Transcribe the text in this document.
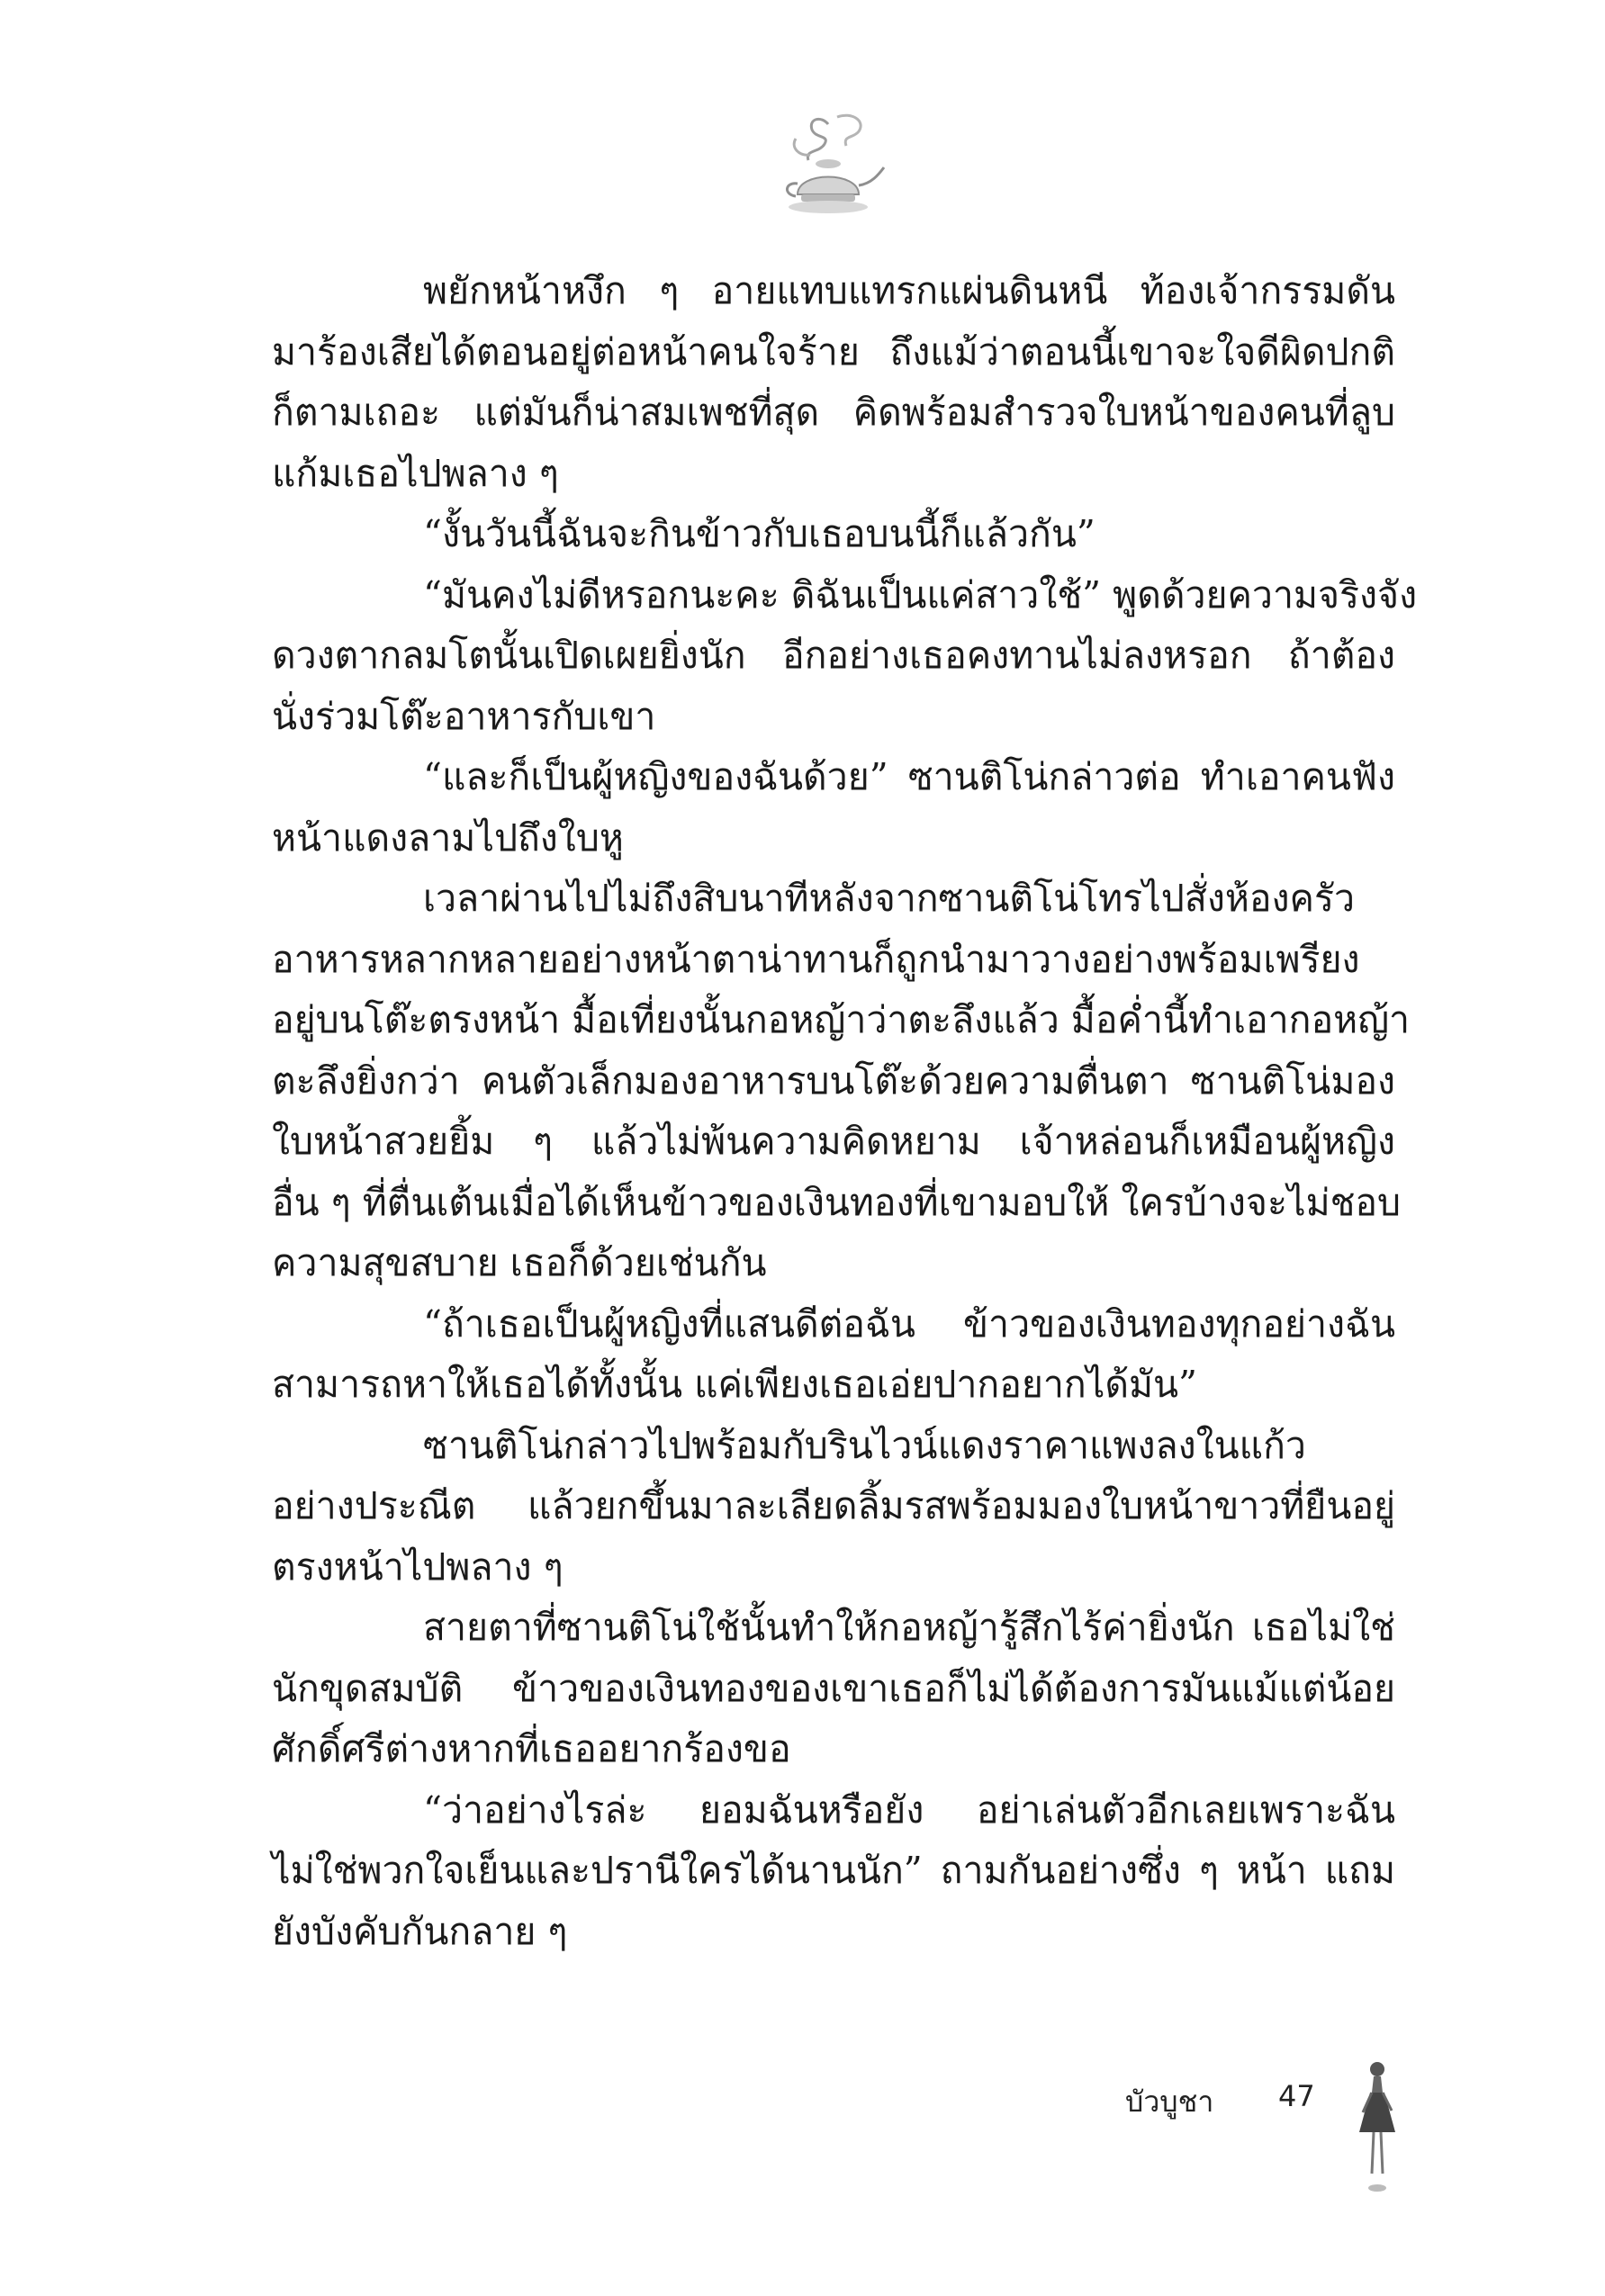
พยักหน้าหงึก ๆ อายแทบแทรกแผ่นดินหนี ท้องเจ้ากรรมดัน
มาร้องเสียได้ตอนอยู่ต่อหน้าคนใจร้าย ถึงแม้ว่าตอนนี้เขาจะใจดีผิดปกติ
ก็ตามเถอะ แต่มันก็น่าสมเพชที่สุด คิดพร้อมสำรวจใบหน้าของคนที่ลูบ
แก้มเธอไปพลาง ๆ

“งั้นวันนี้ฉันจะกินข้าวกับเธอบนนี้ก็แล้วกัน”

“มันคงไม่ดีหรอกนะคะ ดิฉันเป็นแค่สาวใช้” พูดด้วยความจริงจัง
ดวงตากลมโตนั้นเปิดเผยยิ่งนัก อีกอย่างเธอคงทานไม่ลงหรอก ถ้าต้อง
นั่งร่วมโต๊ะอาหารกับเขา

“และก็เป็นผู้หญิงของฉันด้วย” ซานติโน่กล่าวต่อ ทำเอาคนฟัง
หน้าแดงลามไปถึงใบหู

เวลาผ่านไปไม่ถึงสิบนาทีหลังจากซานติโน่โทรไปสั่งห้องครัว
อาหารหลากหลายอย่างหน้าตาน่าทานก็ถูกนำมาวางอย่างพร้อมเพรียง
อยู่บนโต๊ะตรงหน้า มื้อเที่ยงนั้นกอหญ้าว่าตะลึงแล้ว มื้อค่ำนี้ทำเอากอหญ้า
ตะลึงยิ่งกว่า คนตัวเล็กมองอาหารบนโต๊ะด้วยความตื่นตา ซานติโน่มอง
ใบหน้าสวยยิ้ม ๆ แล้วไม่พ้นความคิดหยาม เจ้าหล่อนก็เหมือนผู้หญิง
อื่น ๆ ที่ตื่นเต้นเมื่อได้เห็นข้าวของเงินทองที่เขามอบให้ ใครบ้างจะไม่ชอบ
ความสุขสบาย เธอก็ด้วยเช่นกัน

“ถ้าเธอเป็นผู้หญิงที่แสนดีต่อฉัน ข้าวของเงินทองทุกอย่างฉัน
สามารถหาให้เธอได้ทั้งนั้น แค่เพียงเธอเอ่ยปากอยากได้มัน”

ซานติโน่กล่าวไปพร้อมกับรินไวน์แดงราคาแพงลงในแก้ว
อย่างประณีต แล้วยกขึ้นมาละเลียดลิ้มรสพร้อมมองใบหน้าขาวที่ยืนอยู่
ตรงหน้าไปพลาง ๆ

สายตาที่ซานติโน่ใช้นั้นทำให้กอหญ้ารู้สึกไร้ค่ายิ่งนัก เธอไม่ใช่
นักขุดสมบัติ ข้าวของเงินทองของเขาเธอก็ไม่ได้ต้องการมันแม้แต่น้อย
ศักดิ์ศรีต่างหากที่เธออยากร้องขอ

“ว่าอย่างไรล่ะ ยอมฉันหรือยัง อย่าเล่นตัวอีกเลยเพราะฉัน
ไม่ใช่พวกใจเย็นและปรานีใครได้นานนัก” ถามกันอย่างซึ่ง ๆ หน้า แถม
ยังบังคับกันกลาย ๆ

บัวบูชา 47
